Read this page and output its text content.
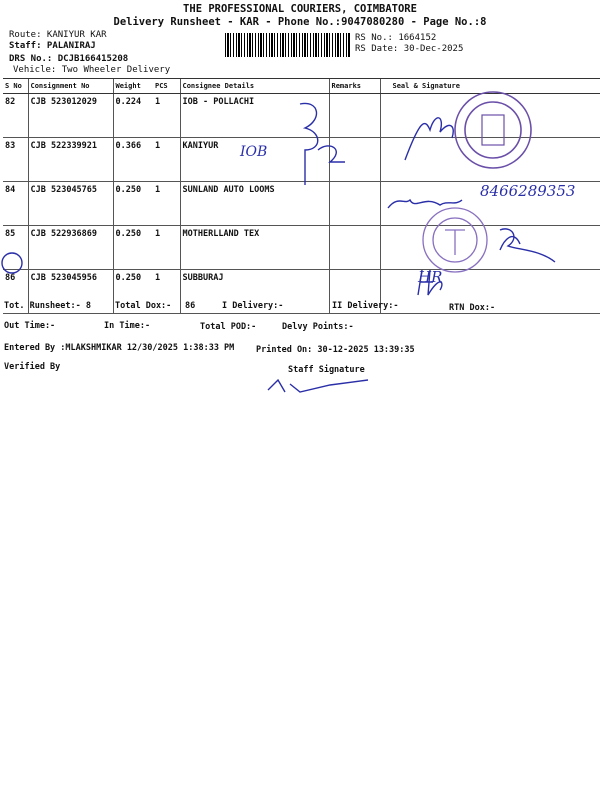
THE PROFESSIONAL COURIERS, COIMBATORE
Delivery Runsheet - KAR - Phone No.:9047080280 - Page No.:8
Route: KANIYUR KAR
Staff: PALANIRAJ
DRS No.: DCJB166415208
Vehicle: Two Wheeler Delivery
RS No.: 1664152
RS Date: 30-Dec-2025
S No	Consignment No	Weight	PCS	Consignee Details	Remarks	Seal & Signature
82	CJB 523012029	0.224	1	IOB - POLLACHI		
83	CJB 522339921	0.366	1	KANIYUR		
84	CJB 523045765	0.250	1	SUNLAND AUTO LOOMS		
85	CJB 522936869	0.250	1	MOTHERLLAND TEX		
86	CJB 523045956	0.250	1	SUBBURAJ		
IOB
8466289353
HR
Tot. Runsheet:- 8	Total Dox:- 86	I Delivery:-	II Delivery:-	RTN Dox:-
Out Time:-	In Time:-	Total POD:-	Delvy Points:-
Entered By :MLAKSHMIKAR 12/30/2025 1:38:33 PM	Printed On: 30-12-2025 13:39:35
Verified By	Staff Signature
